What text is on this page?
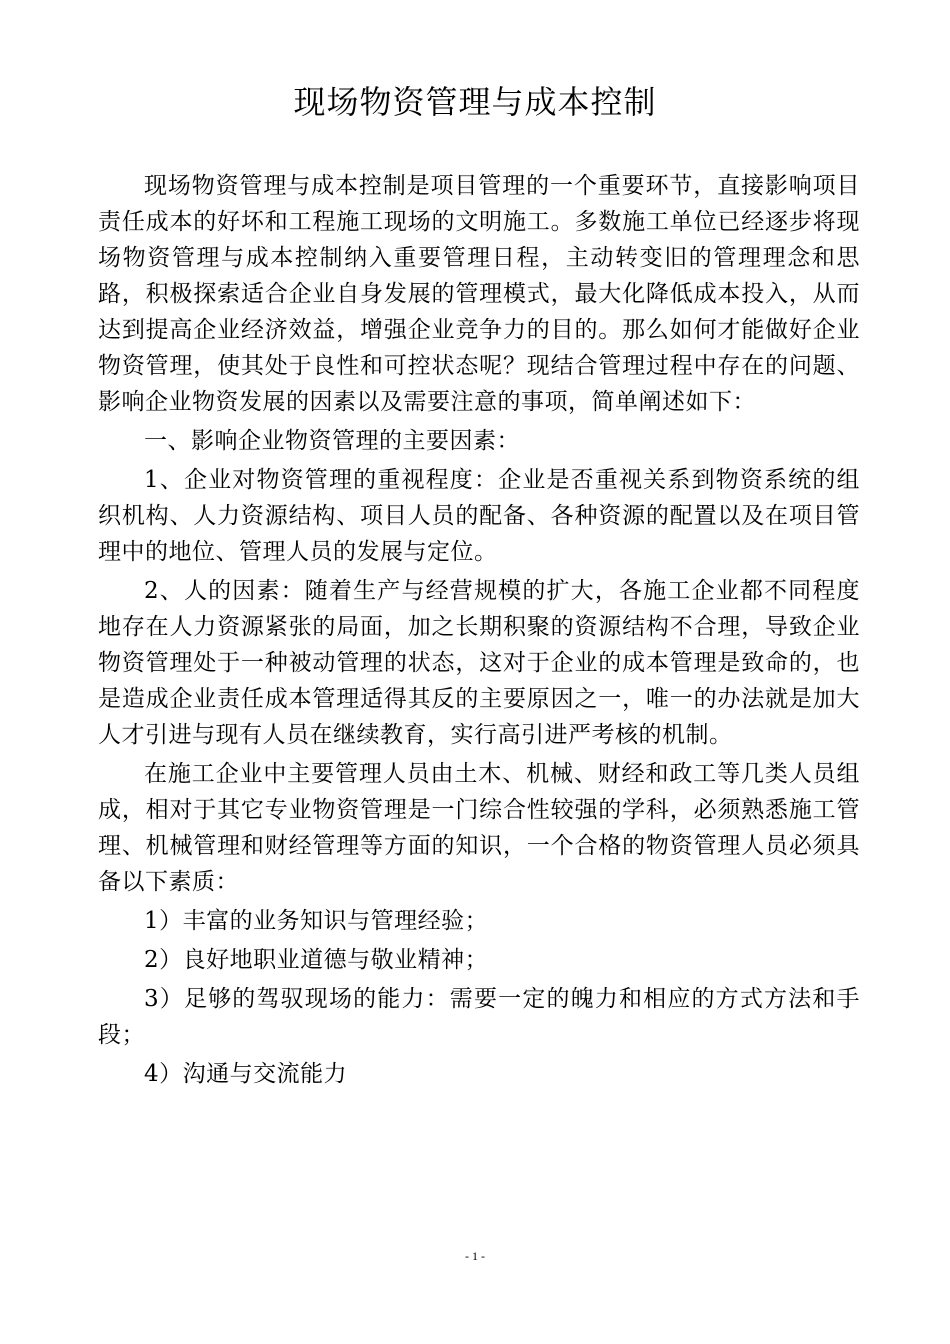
现场物资管理与成本控制

现场物资管理与成本控制是项目管理的一个重要环节，直接影响项目责任成本的好坏和工程施工现场的文明施工。多数施工单位已经逐步将现场物资管理与成本控制纳入重要管理日程，主动转变旧的管理理念和思路，积极探索适合企业自身发展的管理模式，最大化降低成本投入，从而达到提高企业经济效益，增强企业竞争力的目的。那么如何才能做好企业物资管理，使其处于良性和可控状态呢？现结合管理过程中存在的问题、影响企业物资发展的因素以及需要注意的事项，简单阐述如下：

一、影响企业物资管理的主要因素：

1、企业对物资管理的重视程度：企业是否重视关系到物资系统的组织机构、人力资源结构、项目人员的配备、各种资源的配置以及在项目管理中的地位、管理人员的发展与定位。

2、人的因素：随着生产与经营规模的扩大，各施工企业都不同程度地存在人力资源紧张的局面，加之长期积聚的资源结构不合理，导致企业物资管理处于一种被动管理的状态，这对于企业的成本管理是致命的，也是造成企业责任成本管理适得其反的主要原因之一，唯一的办法就是加大人才引进与现有人员在继续教育，实行高引进严考核的机制。

在施工企业中主要管理人员由土木、机械、财经和政工等几类人员组成，相对于其它专业物资管理是一门综合性较强的学科，必须熟悉施工管理、机械管理和财经管理等方面的知识，一个合格的物资管理人员必须具备以下素质：

1）丰富的业务知识与管理经验；

2）良好地职业道德与敬业精神；

3）足够的驾驭现场的能力：需要一定的魄力和相应的方式方法和手段；

4）沟通与交流能力

- 1 -
